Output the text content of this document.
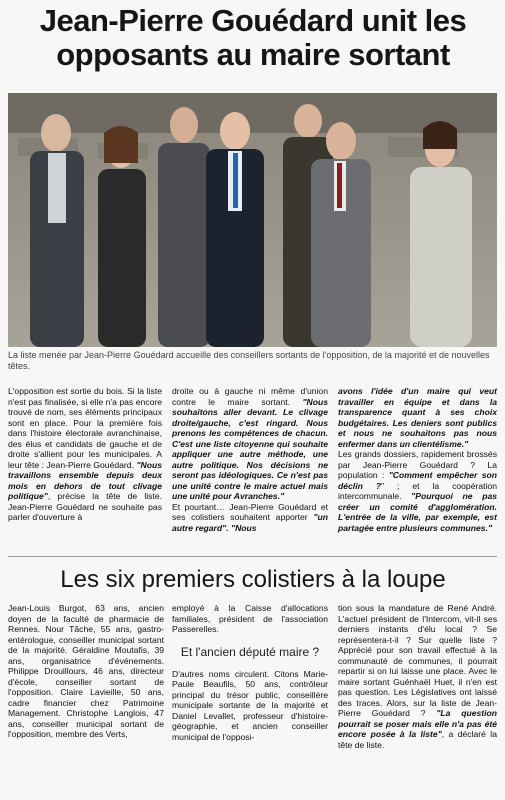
Jean-Pierre Gouédard unit les opposants au maire sortant
La liste menée par Jean-Pierre Gouédard accueille des conseillers sortants de l'opposition, de la majorité et de nouvelles têtes.

L'opposition est sortie du bois. Si la liste n'est pas finalisée, si elle n'a pas encore trouvé de nom, ses éléments principaux sont en place. Pour la première fois dans l'histoire électorale avranchinaise, des élus et candidats de gauche et de droite s'allient pour les municipales. A leur tête : Jean-Pierre Gouédard. "Nous travaillons ensemble depuis deux mois en dehors de tout clivage politique", précise la tête de liste. Jean-Pierre Gouédard ne souhaite pas parler d'ouverture à

droite ou à gauche ni même d'union contre le maire sortant. "Nous souhaitons aller devant. Le clivage droite/gauche, c'est ringard. Nous prenons les compétences de chacun. C'est une liste citoyenne qui souhaite appliquer une autre méthode, une autre politique. Nos décisions ne seront pas idéologiques. Ce n'est pas une unité contre le maire actuel mais une unité pour Avranches."

Et pourtant… Jean-Pierre Gouédard et ses colistiers souhaitent apporter "un autre regard". "Nous

avons l'idée d'un maire qui veut travailler en équipe et dans la transparence quant à ses choix budgétaires. Les deniers sont publics et nous ne souhaitons pas nous enfermer dans un clientélisme."

Les grands dossiers, rapidement brossés par Jean-Pierre Gouédard ? La population : "Comment empêcher son déclin ?" ; et la coopération intercommunale. "Pourquoi ne pas créer un comité d'agglomération. L'entrée de la ville, par exemple, est partagée entre plusieurs communes."

Les six premiers colistiers à la loupe

Jean-Louis Burgot, 63 ans, ancien doyen de la faculté de pharmacie de Rennes. Nour Tâche, 55 ans, gastro-entérologue, conseiller municipal sortant de la majorité. Géraldine Moutafis, 39 ans, organisatrice d'événements. Philippe Drouillours, 46 ans, directeur d'école, conseiller sortant de l'opposition. Claire Lavieille, 50 ans, cadre financier chez Patrimoine Management. Christophe Langlois, 47 ans, conseiller municipal sortant de l'opposition, membre des Verts,

employé à la Caisse d'allocations familiales, président de l'association Passerelles.

Et l'ancien député maire ?

D'autres noms circulent. Citons Marie-Paule Beaufils, 50 ans, contrôleur principal du trésor public, conseillère municipale sortante de la majorité et Daniel Levallet, professeur d'histoire-géographie, et ancien conseiller municipal de l'opposi-

tion sous la mandature de René André. L'actuel président de l'Intercom, vit-il ses derniers instants d'élu local ? Se représentera-t-il ? Sur quelle liste ? Apprécié pour son travail effectué à la communauté de communes, il pourrait repartir si on lui laisse une place. Avec le maire sortant Guénhaël Huet, il n'en est pas question. Les Législatives ont laissé des traces. Alors, sur la liste de Jean-Pierre Gouédard ? "La question pourrait se poser mais elle n'a pas été encore posée à la liste", a déclaré la tête de liste.
